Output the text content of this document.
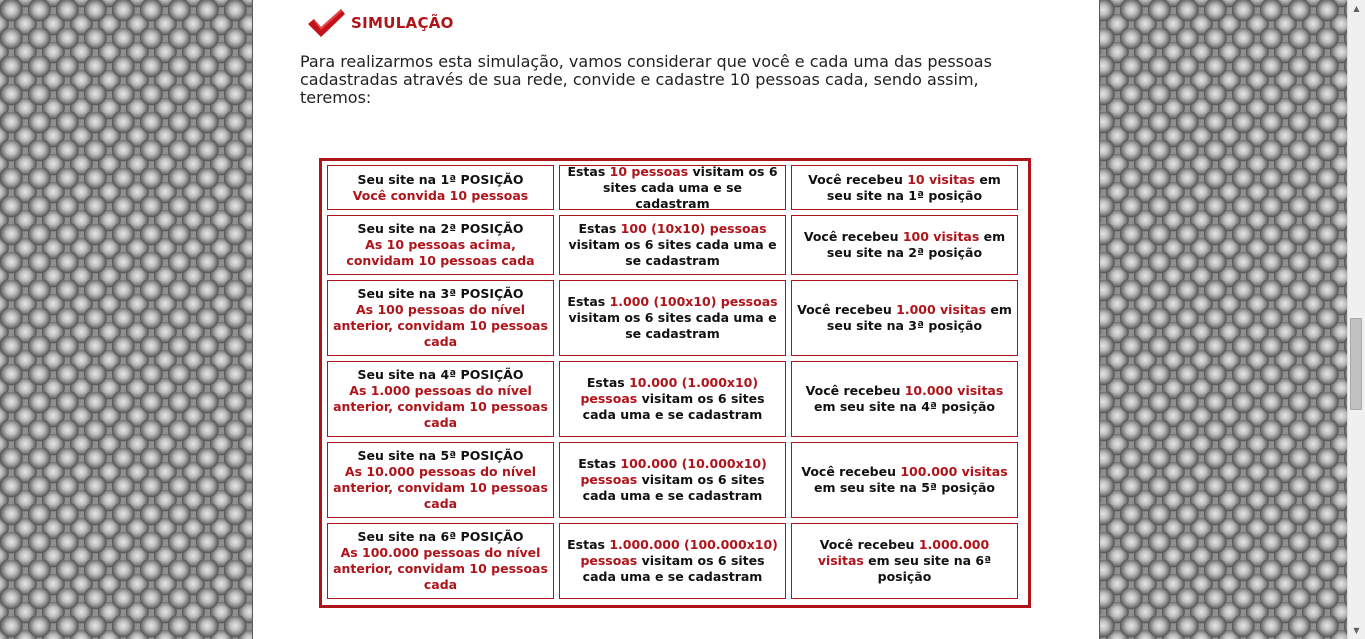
SIMULAÇÃO
Para realizarmos esta simulação, vamos considerar que você e cada uma das pessoas cadastradas através de sua rede, convide e cadastre 10 pessoas cada, sendo assim, teremos:
Seu site na 1ª POSIÇÃO
Você convida 10 pessoas
Estas 10 pessoas visitam os 6 sites cada uma e se cadastram
Você recebeu 10 visitas em seu site na 1ª posição
Seu site na 2ª POSIÇÃO
As 10 pessoas acima, convidam 10 pessoas cada
Estas 100 (10x10) pessoas visitam os 6 sites cada uma e se cadastram
Você recebeu 100 visitas em seu site na 2ª posição
Seu site na 3ª POSIÇÃO
As 100 pessoas do nível anterior, convidam 10 pessoas cada
Estas 1.000 (100x10) pessoas visitam os 6 sites cada uma e se cadastram
Você recebeu 1.000 visitas em seu site na 3ª posição
Seu site na 4ª POSIÇÃO
As 1.000 pessoas do nível anterior, convidam 10 pessoas cada
Estas 10.000 (1.000x10) pessoas visitam os 6 sites cada uma e se cadastram
Você recebeu 10.000 visitas em seu site na 4ª posição
Seu site na 5ª POSIÇÃO
As 10.000 pessoas do nível anterior, convidam 10 pessoas cada
Estas 100.000 (10.000x10) pessoas visitam os 6 sites cada uma e se cadastram
Você recebeu 100.000 visitas em seu site na 5ª posição
Seu site na 6ª POSIÇÃO
As 100.000 pessoas do nível anterior, convidam 10 pessoas cada
Estas 1.000.000 (100.000x10) pessoas visitam os 6 sites cada uma e se cadastram
Você recebeu 1.000.000 visitas em seu site na 6ª posição
▲
▼
